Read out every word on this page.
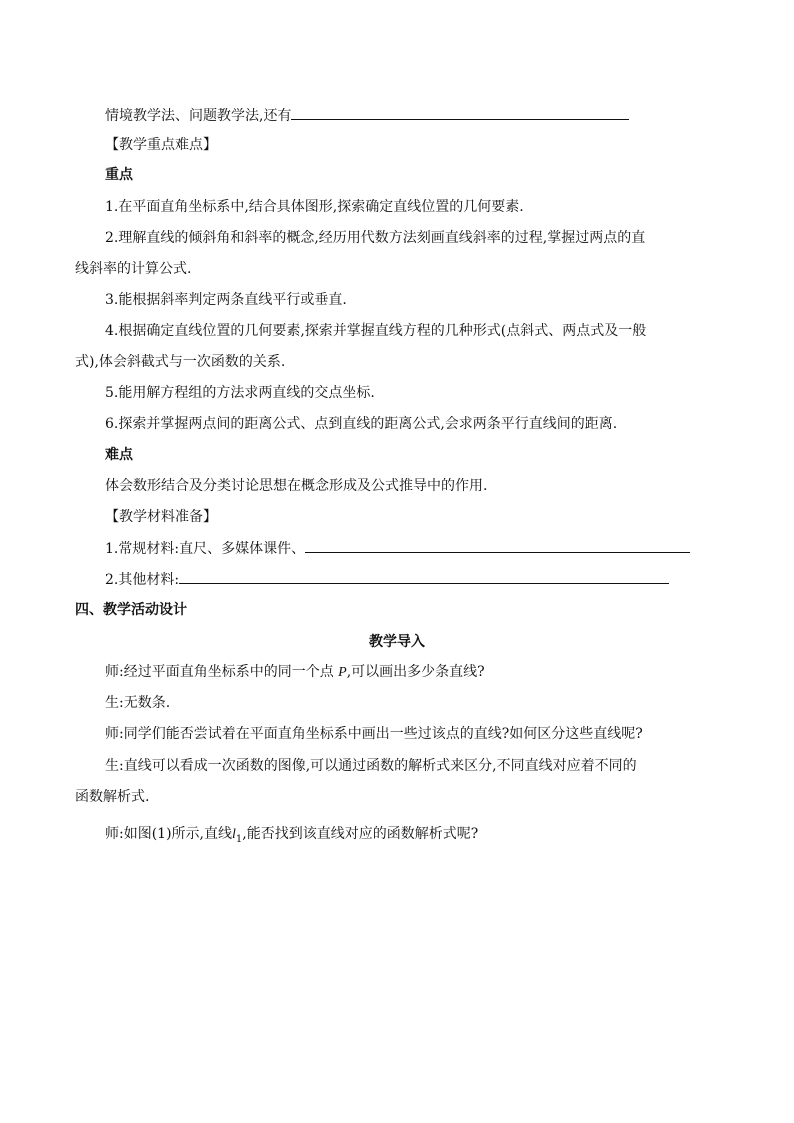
情境教学法、问题教学法,还有
【教学重点难点】
重点
1.在平面直角坐标系中,结合具体图形,探索确定直线位置的几何要素.
2.理解直线的倾斜角和斜率的概念,经历用代数方法刻画直线斜率的过程,掌握过两点的直
线斜率的计算公式.
3.能根据斜率判定两条直线平行或垂直.
4.根据确定直线位置的几何要素,探索并掌握直线方程的几种形式(点斜式、两点式及一般
式),体会斜截式与一次函数的关系.
5.能用解方程组的方法求两直线的交点坐标.
6.探索并掌握两点间的距离公式、点到直线的距离公式,会求两条平行直线间的距离.
难点
体会数形结合及分类讨论思想在概念形成及公式推导中的作用.
【教学材料准备】
1.常规材料:直尺、多媒体课件、
2.其他材料:
四、教学活动设计
教学导入
师:经过平面直角坐标系中的同一个点 P,可以画出多少条直线?
生:无数条.
师:同学们能否尝试着在平面直角坐标系中画出一些过该点的直线?如何区分这些直线呢?
生:直线可以看成一次函数的图像,可以通过函数的解析式来区分,不同直线对应着不同的
函数解析式.
师:如图(1)所示,直线$l_1$,能否找到该直线对应的函数解析式呢?
